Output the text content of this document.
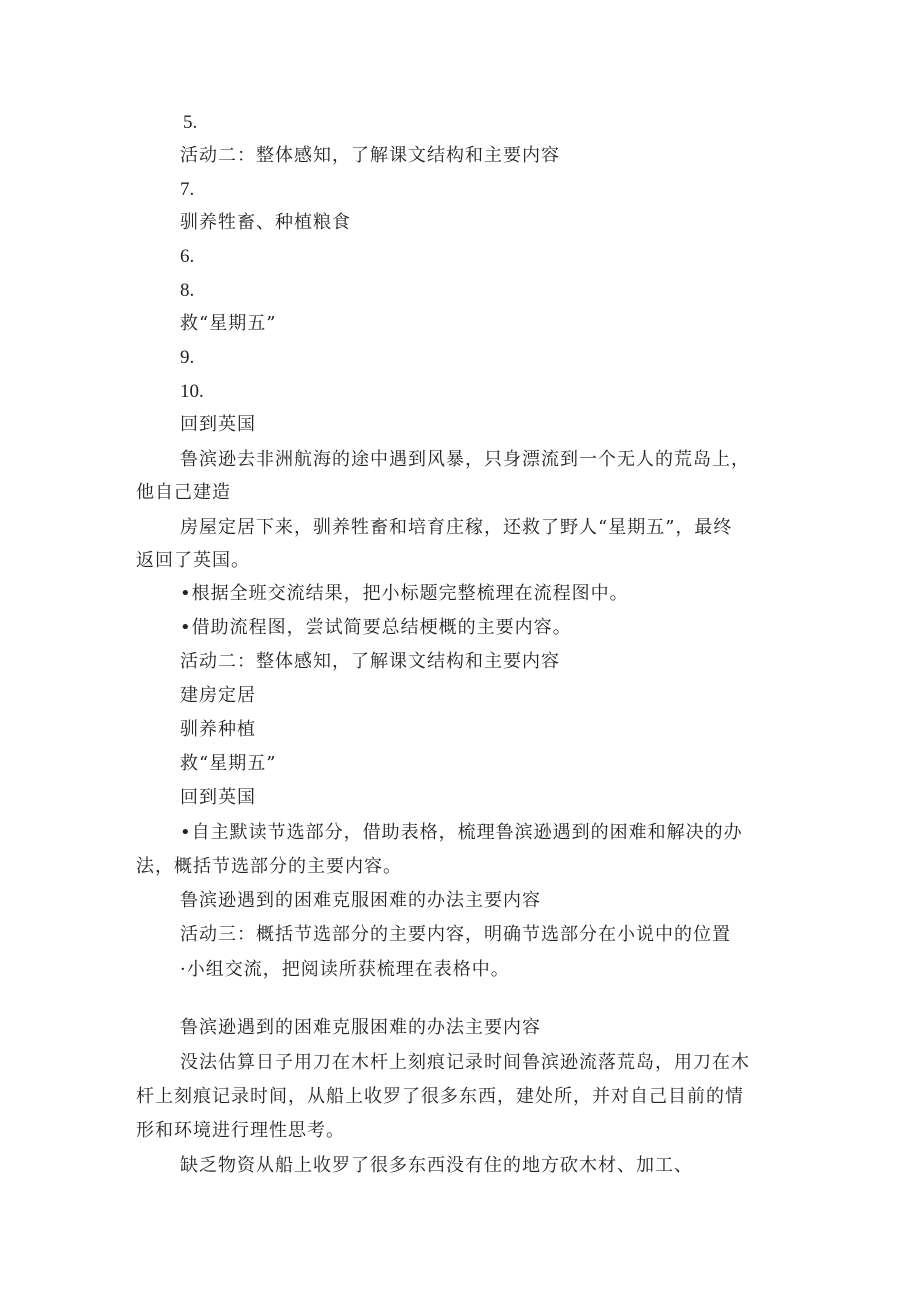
5.
活动二：整体感知，了解课文结构和主要内容
7.
驯养牲畜、种植粮食
6.
8.
救“星期五”
9.
10.
回到英国
鲁滨逊去非洲航海的途中遇到风暴，只身漂流到一个无人的荒岛上，
他自己建造
房屋定居下来，驯养牲畜和培育庄稼，还救了野人“星期五”，最终
返回了英国。
•根据全班交流结果，把小标题完整梳理在流程图中。
•借助流程图，尝试简要总结梗概的主要内容。
活动二：整体感知，了解课文结构和主要内容
建房定居
驯养种植
救“星期五”
回到英国
•自主默读节选部分，借助表格，梳理鲁滨逊遇到的困难和解决的办
法，概括节选部分的主要内容。
鲁滨逊遇到的困难克服困难的办法主要内容
活动三：概括节选部分的主要内容，明确节选部分在小说中的位置
·小组交流，把阅读所获梳理在表格中。
鲁滨逊遇到的困难克服困难的办法主要内容
没法估算日子用刀在木杆上刻痕记录时间鲁滨逊流落荒岛，用刀在木
杆上刻痕记录时间，从船上收罗了很多东西，建处所，并对自己目前的情
形和环境进行理性思考。
缺乏物资从船上收罗了很多东西没有住的地方砍木材、加工、
